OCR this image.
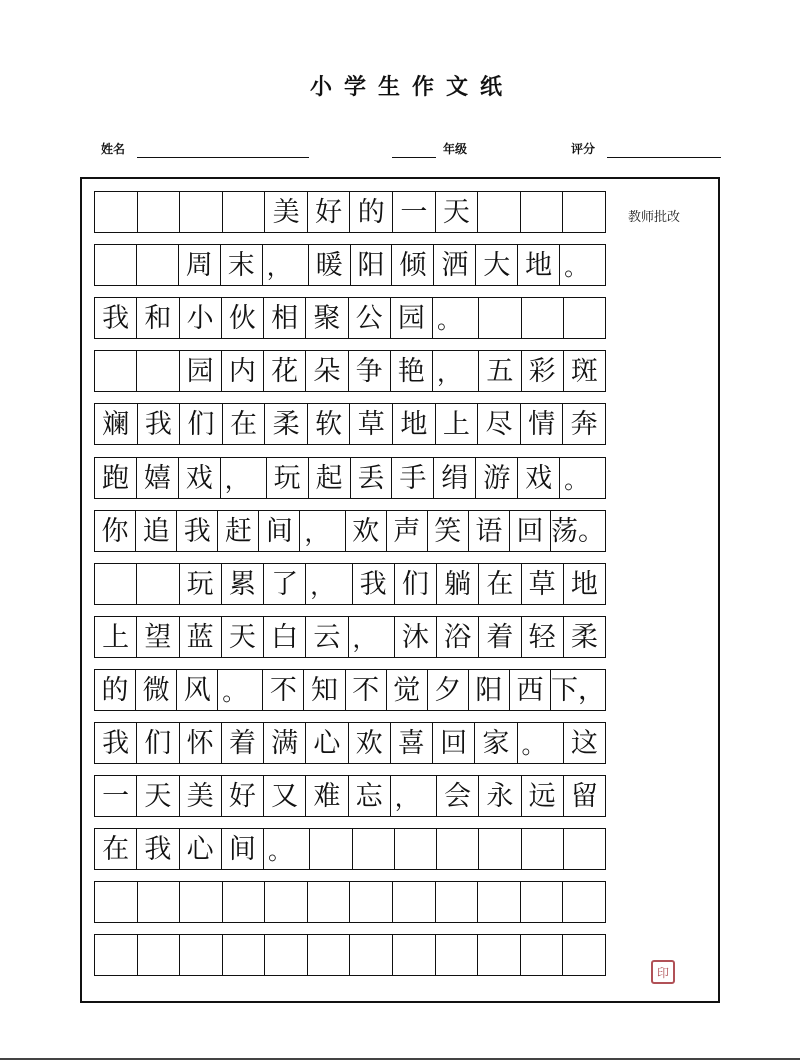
小学生作文纸
姓名	年级	评分
教师批改
美 好 的 一 天
周 末 ， 暖 阳 倾 洒 大 地 。
我 和 小 伙 相 聚 公 园 。
园 内 花 朵 争 艳 ， 五 彩 斑
斓 我 们 在 柔 软 草 地 上 尽 情 奔
跑 嬉 戏 ， 玩 起 丢 手 绢 游 戏 。
你 追 我 赶 间 ， 欢 声 笑 语 回 荡。
玩 累 了 ， 我 们 躺 在 草 地
上 望 蓝 天 白 云 ， 沐 浴 着 轻 柔
的 微 风 。 不 知 不 觉 夕 阳 西 下，
我 们 怀 着 满 心 欢 喜 回 家 。 这
一 天 美 好 又 难 忘 ， 会 永 远 留
在 我 心 间 。
印
